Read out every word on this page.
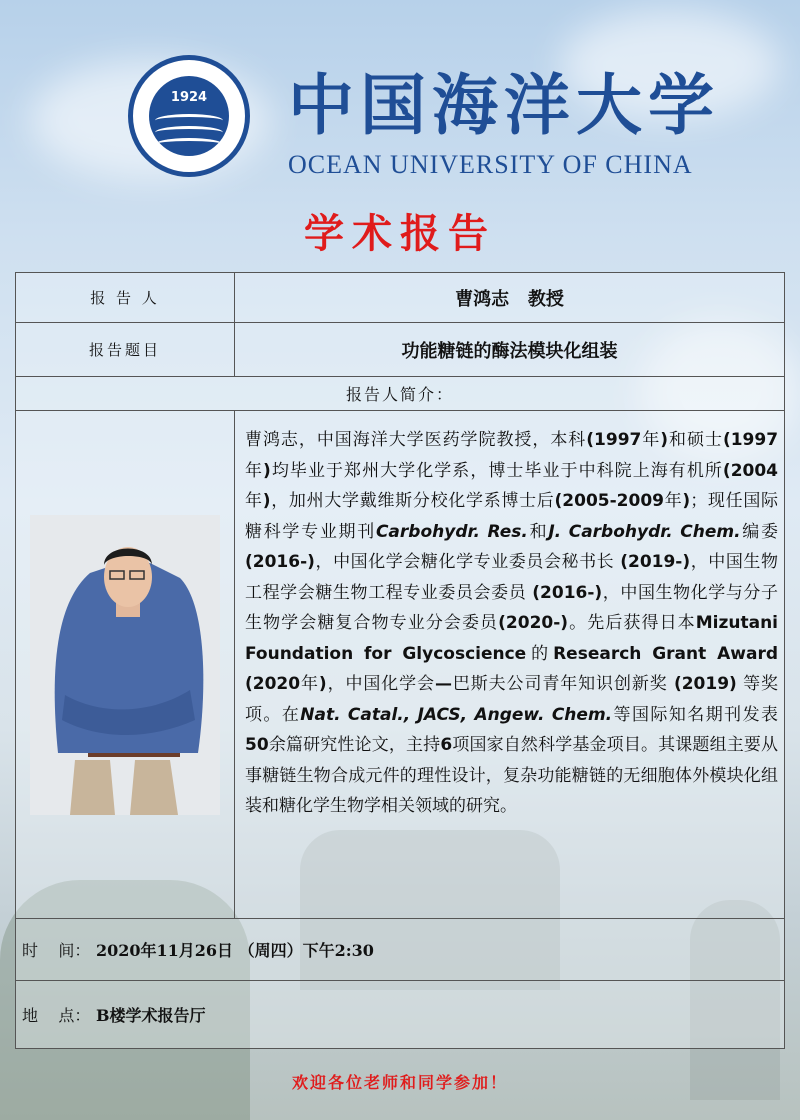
1924	中国海洋大学
OCEAN UNIVERSITY OF CHINA
学术报告
报 告 人	曹鸿志   教授
报告题目	功能糖链的酶法模块化组装
报告人简介：	

	曹鸿志，中国海洋大学医药学院教授，本科(1997年)和硕士(1997年)均毕业于郑州大学化学系，博士毕业于中科院上海有机所(2004年)，加州大学戴维斯分校化学系博士后(2005-2009年)；现任国际糖科学专业期刊Carbohydr. Res.和J. Carbohydr. Chem.编委 (2016-)，中国化学会糖化学专业委员会秘书长 (2019-)，中国生物工程学会糖生物工程专业委员会委员 (2016-)，中国生物化学与分子生物学会糖复合物专业分会委员(2020-)。先后获得日本Mizutani Foundation for Glycoscience的Research Grant Award (2020年)，中国化学会—巴斯夫公司青年知识创新奖 (2019) 等奖项。在Nat. Catal., JACS, Angew. Chem.等国际知名期刊发表50余篇研究性论文，主持6项国家自然科学基金项目。其课题组主要从事糖链生物合成元件的理性设计，复杂功能糖链的无细胞体外模块化组装和糖化学生物学相关领域的研究。
时    间： 2020年11月26日 （周四）下午2:30	
地    点： B楼学术报告厅	
欢迎各位老师和同学参加！
